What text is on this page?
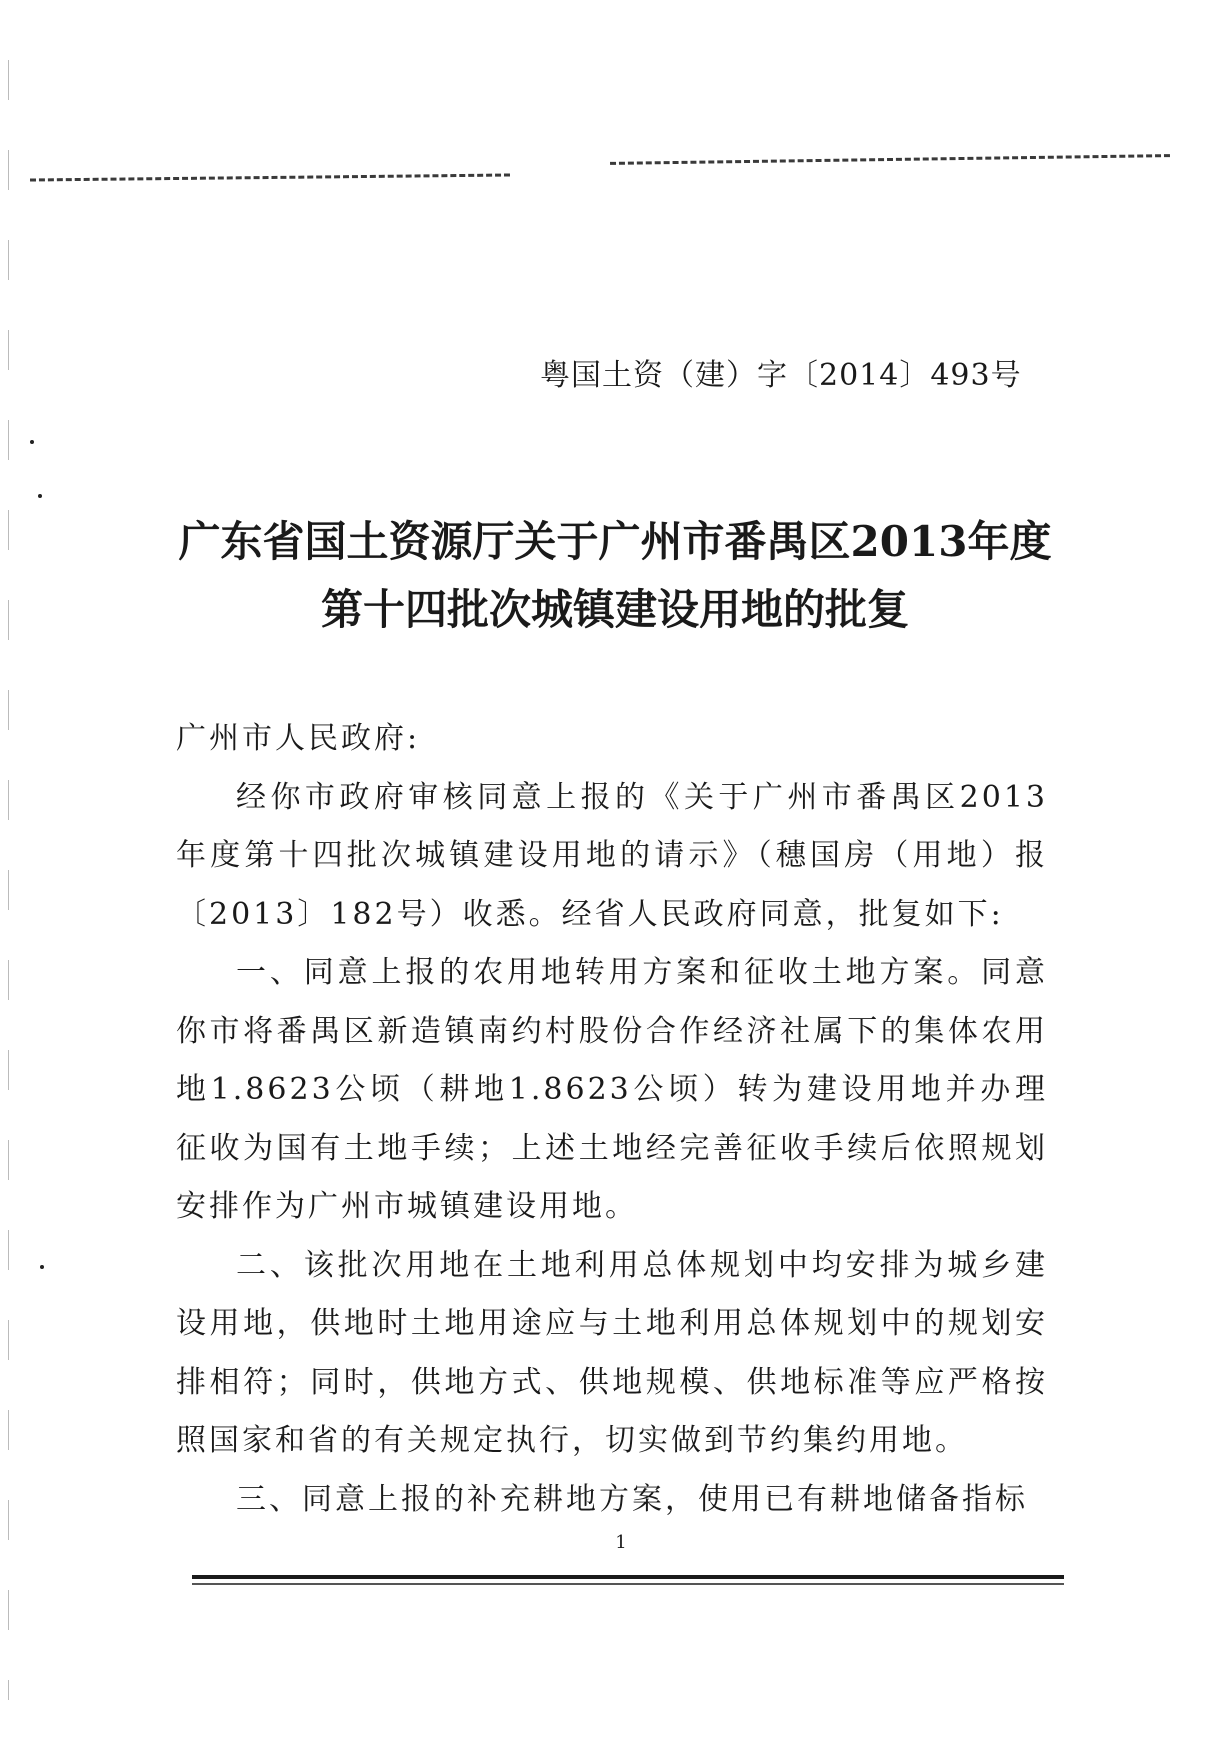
粤国土资（建）字〔2014〕493号
广东省国土资源厅关于广州市番禺区2013年度
第十四批次城镇建设用地的批复

广州市人民政府:

经你市政府审核同意上报的《关于广州市番禺区2013年度第十四批次城镇建设用地的请示》（穗国房（用地）报〔2013〕182号）收悉。经省人民政府同意，批复如下:

一、同意上报的农用地转用方案和征收土地方案。同意你市将番禺区新造镇南约村股份合作经济社属下的集体农用地1.8623公顷（耕地1.8623公顷）转为建设用地并办理征收为国有土地手续；上述土地经完善征收手续后依照规划安排作为广州市城镇建设用地。

二、该批次用地在土地利用总体规划中均安排为城乡建设用地，供地时土地用途应与土地利用总体规划中的规划安排相符；同时，供地方式、供地规模、供地标准等应严格按照国家和省的有关规定执行，切实做到节约集约用地。

三、同意上报的补充耕地方案，使用已有耕地储备指标

1
